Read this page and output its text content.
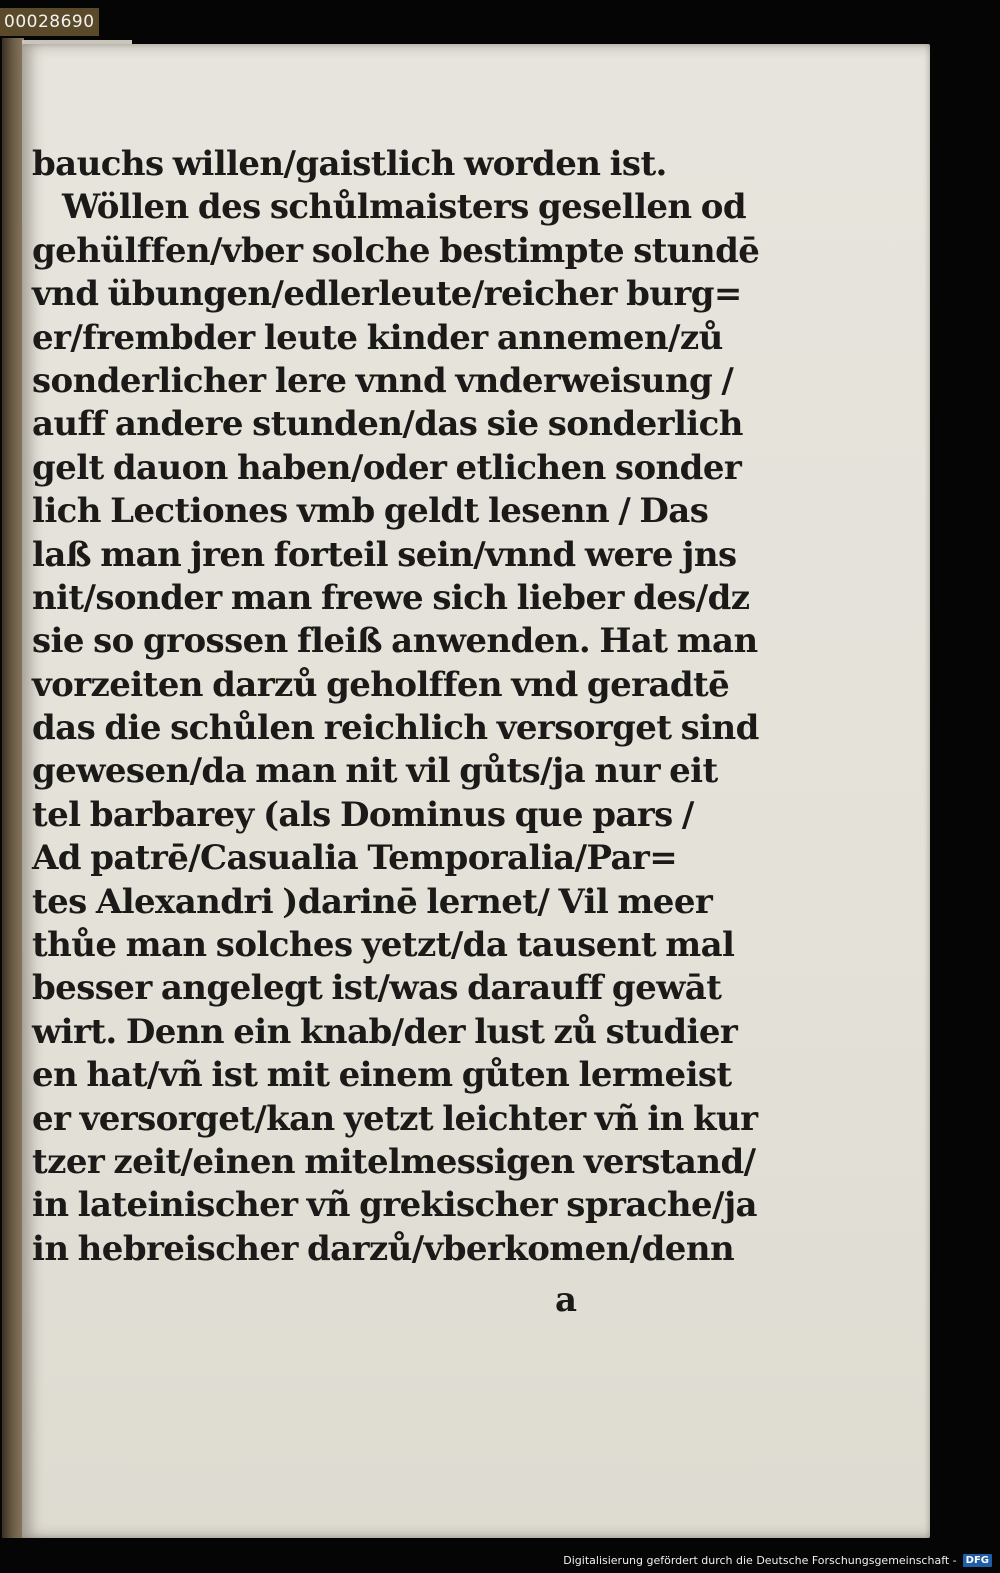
00028690
bauchs willen/gaistlich worden ist.
Wöllen des schůlmaisters gesellen od
gehülffen/vber solche bestimpte stundē
vnd übungen/edlerleute/reicher burg=
er/frembder leute kinder annemen/zů
sonderlicher lere vnnd vnderweisung /
auff andere stunden/das sie sonderlich
gelt dauon haben/oder etlichen sonder
lich Lectiones vmb geldt lesenn / Das
laß man jren forteil sein/vnnd were jns
nit/sonder man frewe sich lieber des/dz
sie so grossen fleiß anwenden. Hat man
vorzeiten darzů geholffen vnd geradtē
das die schůlen reichlich versorget sind
gewesen/da man nit vil gůts/ja nur eit
tel barbarey (als Dominus que pars /
Ad patrē/Casualia Temporalia/Par=
tes Alexandri )darinē lernet/ Vil meer
thůe man solches yetzt/da tausent mal
besser angelegt ist/was darauff gewāt
wirt. Denn ein knab/der lust zů studier
en hat/vñ ist mit einem gůten lermeist
er versorget/kan yetzt leichter vñ in kur
tzer zeit/einen mitelmessigen verstand/
in lateinischer vñ grekischer sprache/ja
in hebreischer darzů/vberkomen/denn
a
Digitalisierung gefördert durch die Deutsche Forschungsgemeinschaft - DFG
